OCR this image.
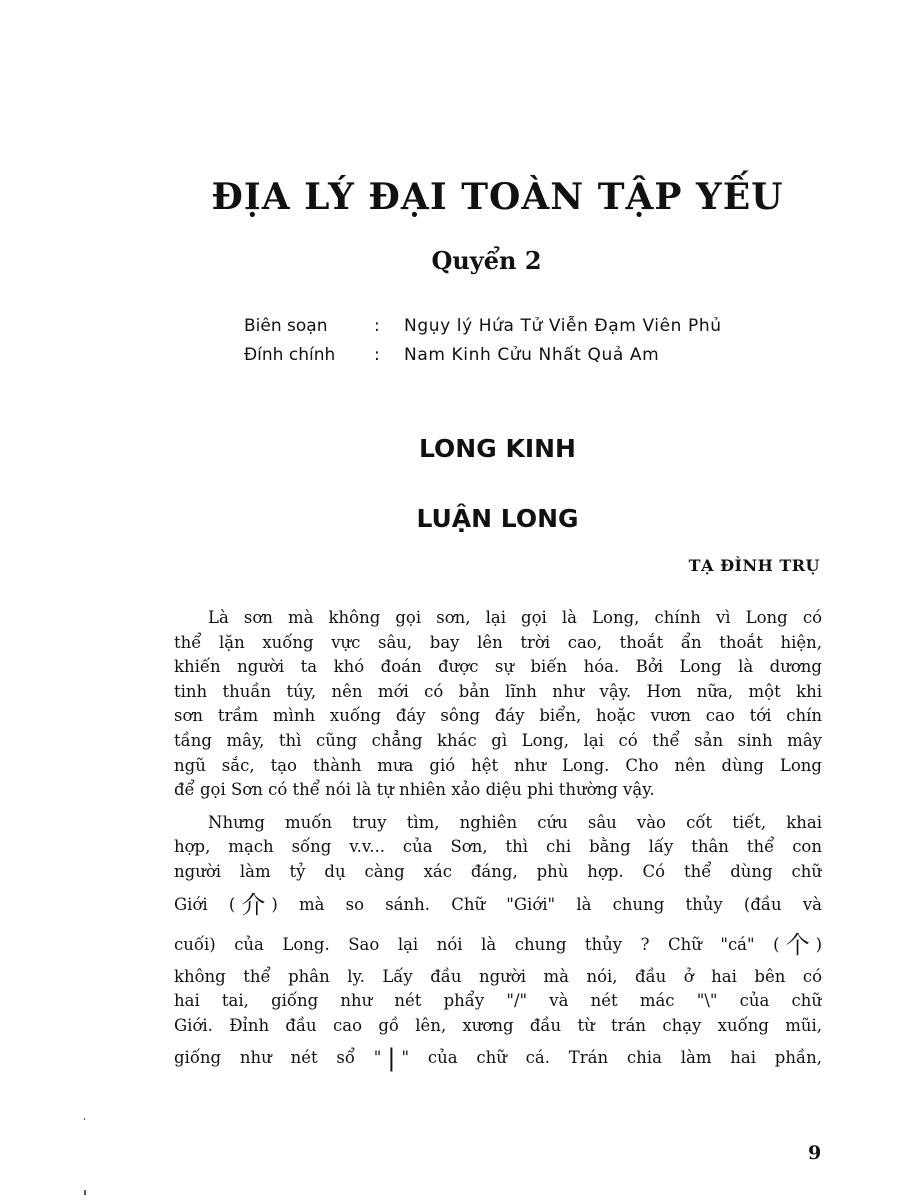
ĐỊA LÝ ĐẠI TOÀN TẬP YẾU
Quyển 2
Biên soạn	:	Ngụy lý Hứa Tử Viễn Đạm Viên Phủ
Đính chính	:	Nam Kinh Cửu Nhất Quả Am
LONG KINH
LUẬN LONG
TẠ ĐÌNH TRỤ
Là sơn mà không gọi sơn, lại gọi là Long, chính vì Long có
thể lặn xuống vực sâu, bay lên trời cao, thoắt ẩn thoắt hiện,
khiến người ta khó đoán được sự biến hóa. Bởi Long là dương
tinh thuần túy, nên mới có bản lĩnh như vậy. Hơn nữa, một khi
sơn trầm mình xuống đáy sông đáy biển, hoặc vươn cao tới chín
tầng mây, thì cũng chẳng khác gì Long, lại có thể sản sinh mây
ngũ sắc, tạo thành mưa gió hệt như Long. Cho nên dùng Long
để gọi Sơn có thể nói là tự nhiên xảo diệu phi thường vậy.
Nhưng muốn truy tìm, nghiên cứu sâu vào cốt tiết, khai
hợp, mạch sống v.v... của Sơn, thì chi bằng lấy thân thể con
người làm tỷ dụ càng xác đáng, phù hợp. Có thể dùng chữ
Giới ( 介 ) mà so sánh. Chữ "Giới" là chung thủy (đầu và
cuối) của Long. Sao lại nói là chung thủy ? Chữ "cá" ( 个 )
không thể phân ly. Lấy đầu người mà nói, đầu ở hai bên có
hai tai, giống như nét phẩy "/" và nét mác "\" của chữ
Giới. Đỉnh đầu cao gồ lên, xương đầu từ trán chạy xuống mũi,
giống như nét sổ " | " của chữ cá. Trán chia làm hai phần,
9
